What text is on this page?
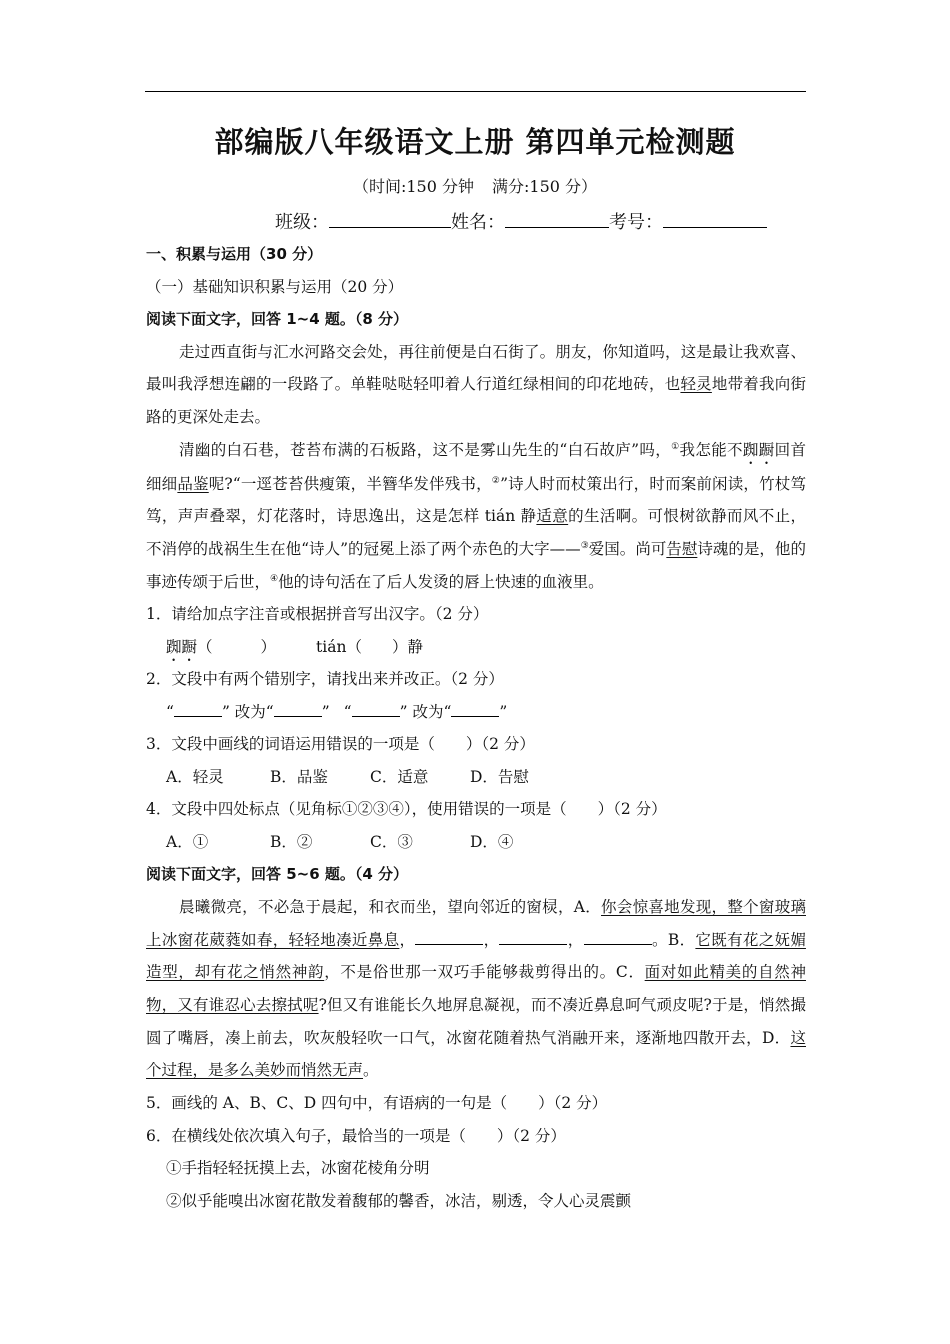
部编版八年级语文上册 第四单元检测题
（时间:150 分钟 满分:150 分）
班级：	姓名：	考号：
一、积累与运用（30 分）
（一）基础知识积累与运用（20 分）
阅读下面文字，回答 1~4 题。（8 分）

走过西直街与汇水河路交会处，再往前便是白石街了。朋友，你知道吗，这是最让我欢喜、最叫我浮想连翩的一段路了。单鞋哒哒轻叩着人行道红绿相间的印花地砖，也轻灵地带着我向街路的更深处走去。

清幽的白石巷，苍苔布满的石板路，这不是雾山先生的“白石故庐”吗，①我怎能不踟蹰回首细细品鉴呢?“一逕苍苔供瘦策，半簪华发伴残书，②”诗人时而杖策出行，时而案前闲读，竹杖笃笃，声声叠翠，灯花落时，诗思逸出，这是怎样 tián 静适意的生活啊。可恨树欲静而风不止，不消停的战祸生生在他“诗人”的冠冕上添了两个赤色的大字——③爱国。尚可告慰诗魂的是，他的事迹传颂于后世，④他的诗句活在了后人发烫的唇上快速的血液里。

1．请给加点字注音或根据拼音写出汉字。（2 分）
踟蹰（	）	tián（ ）静
2．文段中有两个错别字，请找出来并改正。（2 分）
“	” 改为“	” “	” 改为“	”
3．文段中画线的词语运用错误的一项是（　　）（2 分）
A．轻灵	B．品鉴	C．适意	D．告慰
4．文段中四处标点（见角标①②③④），使用错误的一项是（　　）（2 分）
A．①	B．②	C．③	D．④
阅读下面文字，回答 5~6 题。（4 分）

晨曦微亮，不必急于晨起，和衣而坐，望向邻近的窗棂，A．你会惊喜地发现，整个窗玻璃上冰窗花葳蕤如春，轻轻地凑近鼻息，	，	，	。B．它既有花之妩媚造型，却有花之悄然神韵，不是俗世那一双巧手能够裁剪得出的。C．面对如此精美的自然神物，又有谁忍心去擦拭呢?但又有谁能长久地屏息凝视，而不凑近鼻息呵气顽皮呢?于是，悄然撮圆了嘴唇，凑上前去，吹灰般轻吹一口气，冰窗花随着热气消融开来，逐渐地四散开去，D．这个过程，是多么美妙而悄然无声。

5．画线的 A、B、C、D 四句中，有语病的一句是（　　）（2 分）
6．在横线处依次填入句子，最恰当的一项是（　　）（2 分）
①手指轻轻抚摸上去，冰窗花棱角分明
②似乎能嗅出冰窗花散发着馥郁的馨香，冰洁，剔透，令人心灵震颤
